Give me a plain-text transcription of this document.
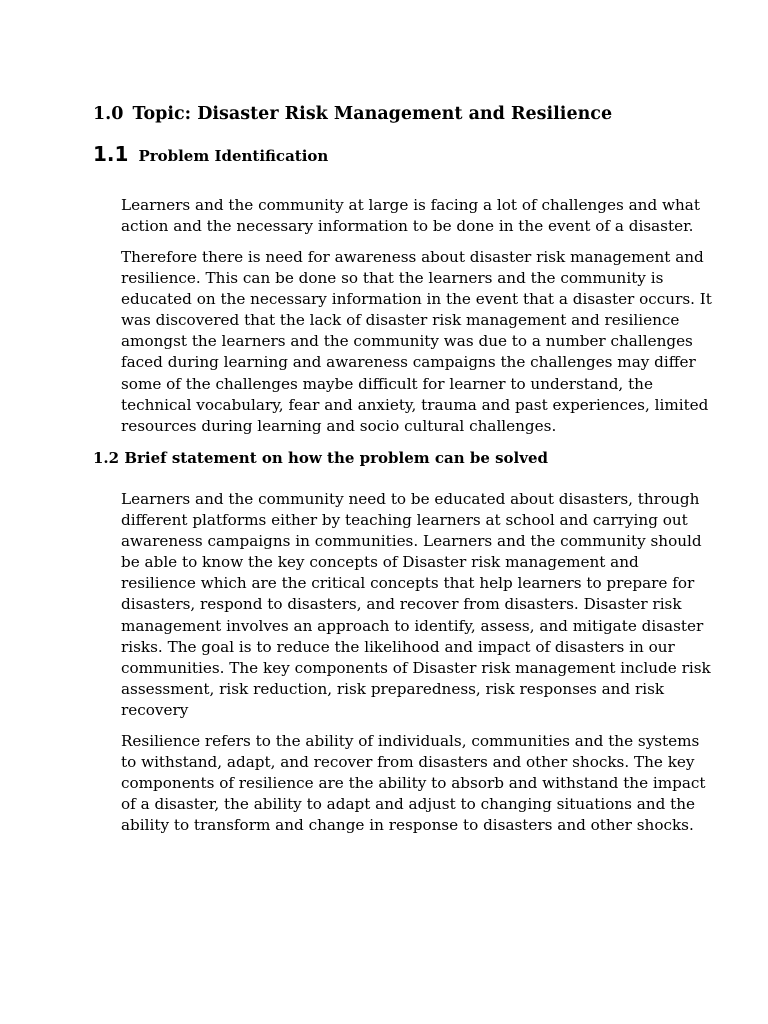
1.0 Topic: Disaster Risk Management and Resilience
1.1 Problem Identification

Learners and the community at large is facing a lot of challenges and what
action and the necessary information to be done in the event of a disaster.

Therefore there is need for awareness about disaster risk management and
resilience. This can be done so that the learners and the community is
educated on the necessary information in the event that a disaster occurs. It
was discovered that the lack of disaster risk management and resilience
amongst the learners and the community was due to a number challenges
faced during learning and awareness campaigns the challenges may differ
some of the challenges maybe difficult for learner to understand, the
technical vocabulary, fear and anxiety, trauma and past experiences, limited
resources during learning and socio cultural challenges.

1.2 Brief statement on how the problem can be solved

Learners and the community need to be educated about disasters, through
different platforms either by teaching learners at school and carrying out
awareness campaigns in communities. Learners and the community should
be able to know the key concepts of Disaster risk management and
resilience which are the critical concepts that help learners to prepare for
disasters, respond to disasters, and recover from disasters. Disaster risk
management involves an approach to identify, assess, and mitigate disaster
risks. The goal is to reduce the likelihood and impact of disasters in our
communities. The key components of Disaster risk management include risk
assessment, risk reduction, risk preparedness, risk responses and risk
recovery

Resilience refers to the ability of individuals, communities and the systems
to withstand, adapt, and recover from disasters and other shocks. The key
components of resilience are the ability to absorb and withstand the impact
of a disaster, the ability to adapt and adjust to changing situations and the
ability to transform and change in response to disasters and other shocks.
